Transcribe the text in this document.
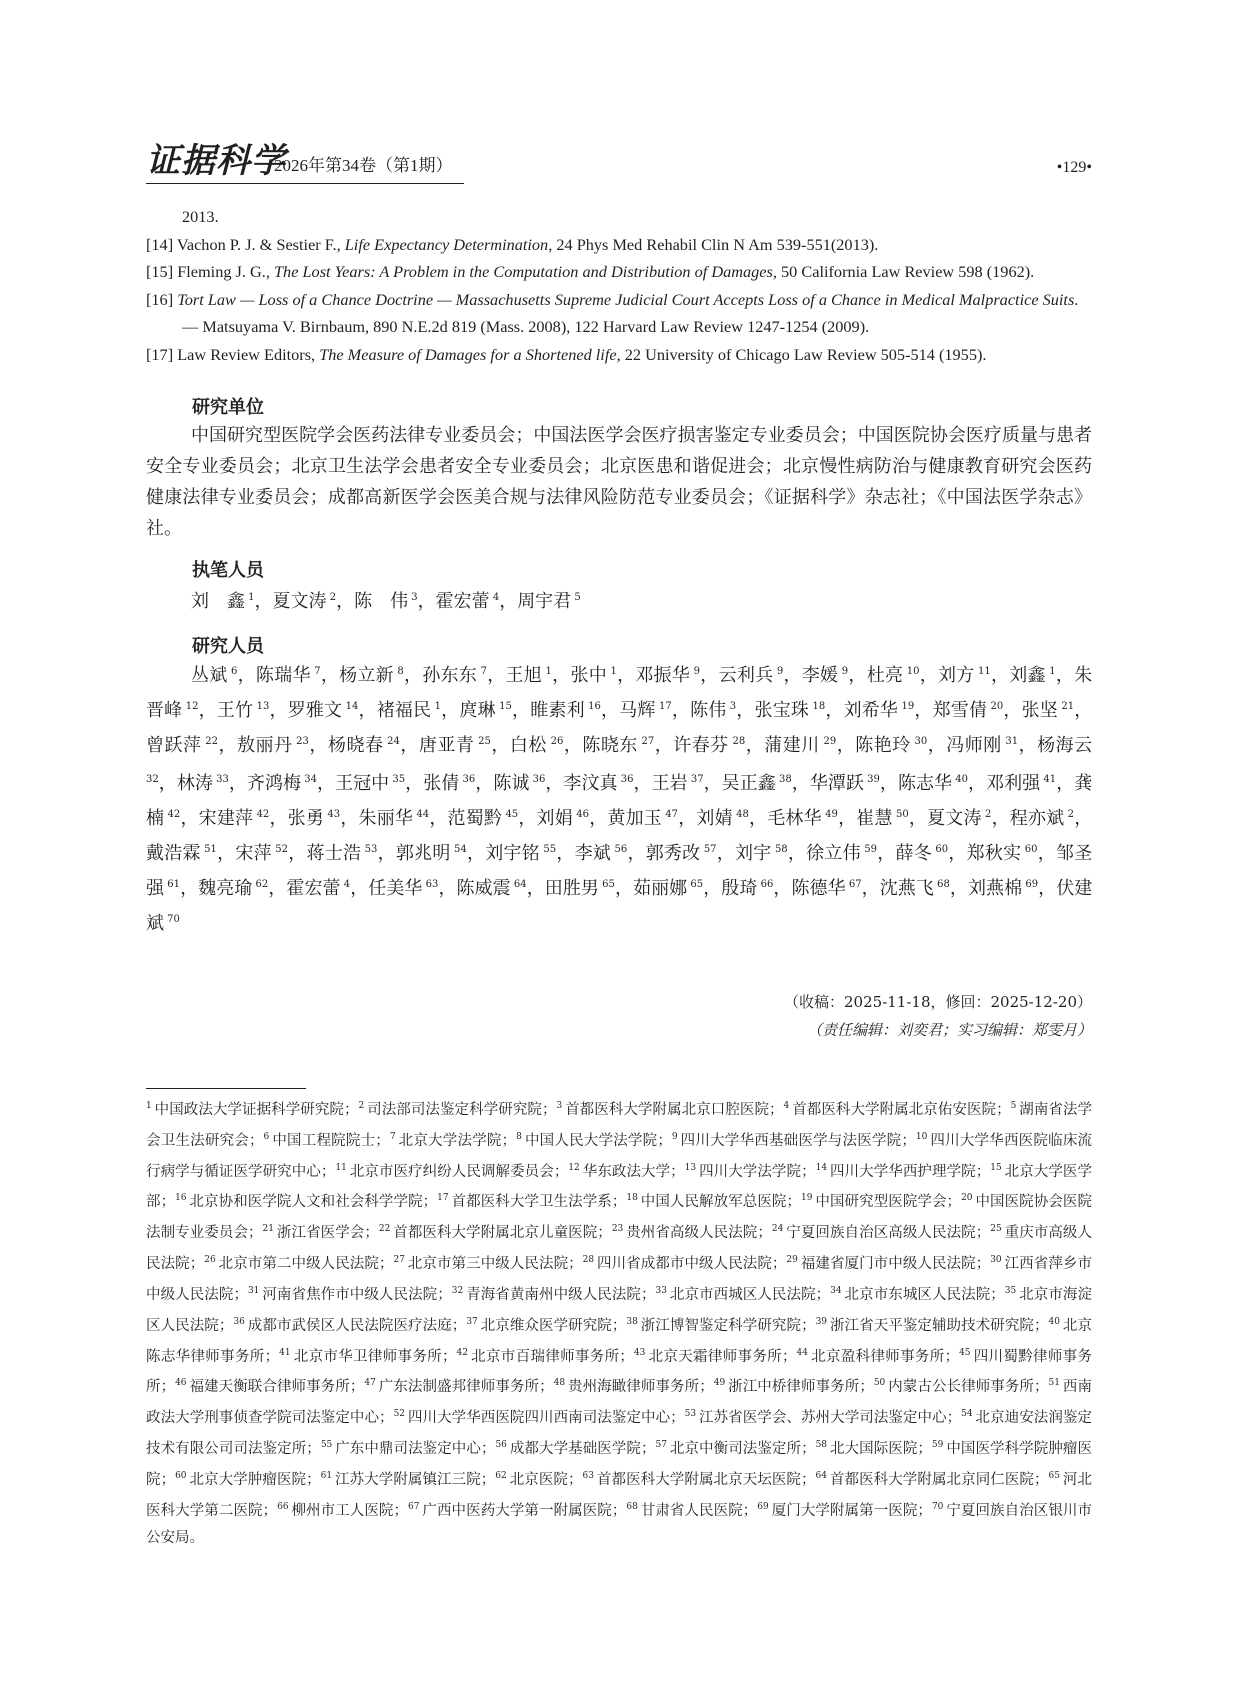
证据科学
2026年第34卷（第1期）	•129•
2013.
[14] Vachon P. J. & Sestier F., Life Expectancy Determination, 24 Phys Med Rehabil Clin N Am 539-551(2013).
[15] Fleming J. G., The Lost Years: A Problem in the Computation and Distribution of Damages, 50 California Law Review 598 (1962).
[16] Tort Law — Loss of a Chance Doctrine — Massachusetts Supreme Judicial Court Accepts Loss of a Chance in Medical Malpractice Suits. — Matsuyama V. Birnbaum, 890 N.E.2d 819 (Mass. 2008), 122 Harvard Law Review 1247-1254 (2009).
[17] Law Review Editors, The Measure of Damages for a Shortened life, 22 University of Chicago Law Review 505-514 (1955).
研究单位
中国研究型医院学会医药法律专业委员会；中国法医学会医疗损害鉴定专业委员会；中国医院协会医疗质量与患者安全专业委员会；北京卫生法学会患者安全专业委员会；北京医患和谐促进会；北京慢性病防治与健康教育研究会医药健康法律专业委员会；成都高新医学会医美合规与法律风险防范专业委员会；《证据科学》杂志社；《中国法医学杂志》社。
执笔人员
刘　鑫 $^1$，夏文涛 $^2$，陈　伟 $^3$，霍宏蕾 $^4$，周宇君 $^5$
研究人员
丛斌 $^6$，陈瑞华 $^7$，杨立新 $^8$，孙东东 $^7$，王旭 $^1$，张中 $^1$，邓振华 $^9$，云利兵 $^9$，李媛 $^9$，杜亮 $^{10}$，刘方 $^{11}$，刘鑫 $^1$，朱晋峰 $^{12}$，王竹 $^{13}$，罗雅文 $^{14}$，褚福民 $^1$，庹琳 $^{15}$，睢素利 $^{16}$，马辉 $^{17}$，陈伟 $^3$，张宝珠 $^{18}$，刘希华 $^{19}$，郑雪倩 $^{20}$，张坚 $^{21}$，曾跃萍 $^{22}$，敖丽丹 $^{23}$，杨晓春 $^{24}$，唐亚青 $^{25}$，白松 $^{26}$，陈晓东 $^{27}$，许春芬 $^{28}$，蒲建川 $^{29}$，陈艳玲 $^{30}$，冯师刚 $^{31}$，杨海云 $^{32}$，林涛 $^{33}$，齐鸿梅 $^{34}$，王冠中 $^{35}$，张倩 $^{36}$，陈诚 $^{36}$，李汶真 $^{36}$，王岩 $^{37}$，吴正鑫 $^{38}$，华潭跃 $^{39}$，陈志华 $^{40}$，邓利强 $^{41}$，龚楠 $^{42}$，宋建萍 $^{42}$，张勇 $^{43}$，朱丽华 $^{44}$，范蜀黔 $^{45}$，刘娟 $^{46}$，黄加玉 $^{47}$，刘婧 $^{48}$，毛林华 $^{49}$，崔慧 $^{50}$，夏文涛 $^2$，程亦斌 $^2$，戴浩霖 $^{51}$，宋萍 $^{52}$，蒋士浩 $^{53}$，郭兆明 $^{54}$，刘宇铭 $^{55}$，李斌 $^{56}$，郭秀改 $^{57}$，刘宇 $^{58}$，徐立伟 $^{59}$，薛冬 $^{60}$，郑秋实 $^{60}$，邹圣强 $^{61}$，魏亮瑜 $^{62}$，霍宏蕾 $^4$，任美华 $^{63}$，陈威震 $^{64}$，田胜男 $^{65}$，茹丽娜 $^{65}$，殷琦 $^{66}$，陈德华 $^{67}$，沈燕飞 $^{68}$，刘燕棉 $^{69}$，伏建斌 $^{70}$
（收稿：2025-11-18，修回：2025-12-20）
（责任编辑：刘奕君；实习编辑：郑雯月）
$^1$ 中国政法大学证据科学研究院；$^2$ 司法部司法鉴定科学研究院；$^3$ 首都医科大学附属北京口腔医院；$^4$ 首都医科大学附属北京佑安医院；$^5$ 湖南省法学会卫生法研究会；$^6$ 中国工程院院士；$^7$ 北京大学法学院；$^8$ 中国人民大学法学院；$^9$ 四川大学华西基础医学与法医学院；$^{10}$ 四川大学华西医院临床流行病学与循证医学研究中心；$^{11}$ 北京市医疗纠纷人民调解委员会；$^{12}$ 华东政法大学；$^{13}$ 四川大学法学院；$^{14}$ 四川大学华西护理学院；$^{15}$ 北京大学医学部；$^{16}$ 北京协和医学院人文和社会科学学院；$^{17}$ 首都医科大学卫生法学系；$^{18}$ 中国人民解放军总医院；$^{19}$ 中国研究型医院学会；$^{20}$ 中国医院协会医院法制专业委员会；$^{21}$ 浙江省医学会；$^{22}$ 首都医科大学附属北京儿童医院；$^{23}$ 贵州省高级人民法院；$^{24}$ 宁夏回族自治区高级人民法院；$^{25}$ 重庆市高级人民法院；$^{26}$ 北京市第二中级人民法院；$^{27}$ 北京市第三中级人民法院；$^{28}$ 四川省成都市中级人民法院；$^{29}$ 福建省厦门市中级人民法院；$^{30}$ 江西省萍乡市中级人民法院；$^{31}$ 河南省焦作市中级人民法院；$^{32}$ 青海省黄南州中级人民法院；$^{33}$ 北京市西城区人民法院；$^{34}$ 北京市东城区人民法院；$^{35}$ 北京市海淀区人民法院；$^{36}$ 成都市武侯区人民法院医疗法庭；$^{37}$ 北京维众医学研究院；$^{38}$ 浙江博智鉴定科学研究院；$^{39}$ 浙江省天平鉴定辅助技术研究院；$^{40}$ 北京陈志华律师事务所；$^{41}$ 北京市华卫律师事务所；$^{42}$ 北京市百瑞律师事务所；$^{43}$ 北京天霜律师事务所；$^{44}$ 北京盈科律师事务所；$^{45}$ 四川蜀黔律师事务所；$^{46}$ 福建天衡联合律师事务所；$^{47}$ 广东法制盛邦律师事务所；$^{48}$ 贵州海瞰律师事务所；$^{49}$ 浙江中桥律师事务所；$^{50}$ 内蒙古公长律师事务所；$^{51}$ 西南政法大学刑事侦查学院司法鉴定中心；$^{52}$ 四川大学华西医院四川西南司法鉴定中心；$^{53}$ 江苏省医学会、苏州大学司法鉴定中心；$^{54}$ 北京迪安法润鉴定技术有限公司司法鉴定所；$^{55}$ 广东中鼎司法鉴定中心；$^{56}$ 成都大学基础医学院；$^{57}$ 北京中衡司法鉴定所；$^{58}$ 北大国际医院；$^{59}$ 中国医学科学院肿瘤医院；$^{60}$ 北京大学肿瘤医院；$^{61}$ 江苏大学附属镇江三院；$^{62}$ 北京医院；$^{63}$ 首都医科大学附属北京天坛医院；$^{64}$ 首都医科大学附属北京同仁医院；$^{65}$ 河北医科大学第二医院；$^{66}$ 柳州市工人医院；$^{67}$ 广西中医药大学第一附属医院；$^{68}$ 甘肃省人民医院；$^{69}$ 厦门大学附属第一医院；$^{70}$ 宁夏回族自治区银川市公安局。
